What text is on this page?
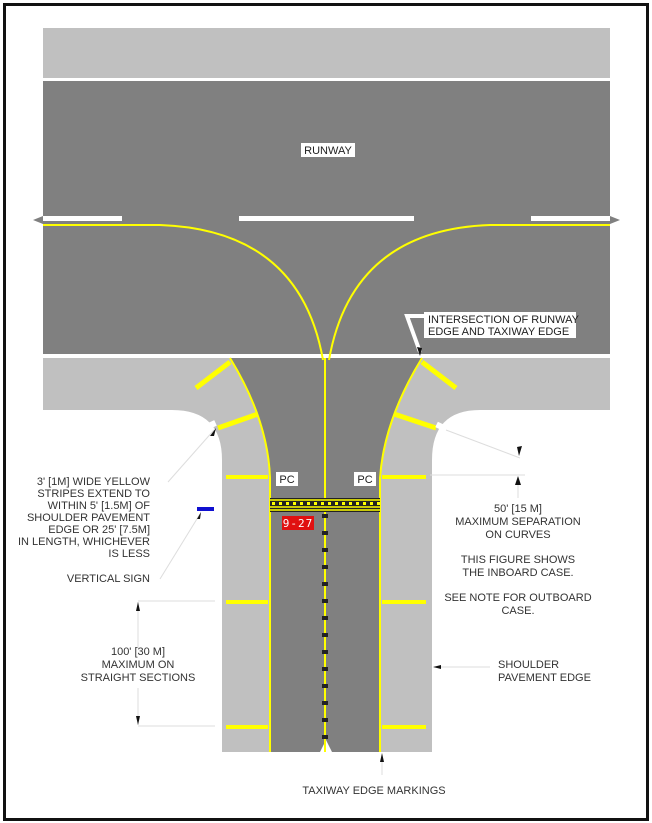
PC	PC
9-27
RUNWAY
INTERSECTION OF RUNWAY
EDGE AND TAXIWAY EDGE
50' [15 M]
MAXIMUM SEPARATION
ON CURVES
THIS FIGURE SHOWS
THE INBOARD CASE.
SEE NOTE FOR OUTBOARD
CASE.
SHOULDER
PAVEMENT EDGE
3' [1M] WIDE YELLOW
STRIPES EXTEND TO
WITHIN 5' [1.5M] OF
SHOULDER PAVEMENT
EDGE OR 25' [7.5M]
IN LENGTH, WHICHEVER
IS LESS
VERTICAL SIGN
100' [30 M]
MAXIMUM ON
STRAIGHT SECTIONS
TAXIWAY EDGE MARKINGS
